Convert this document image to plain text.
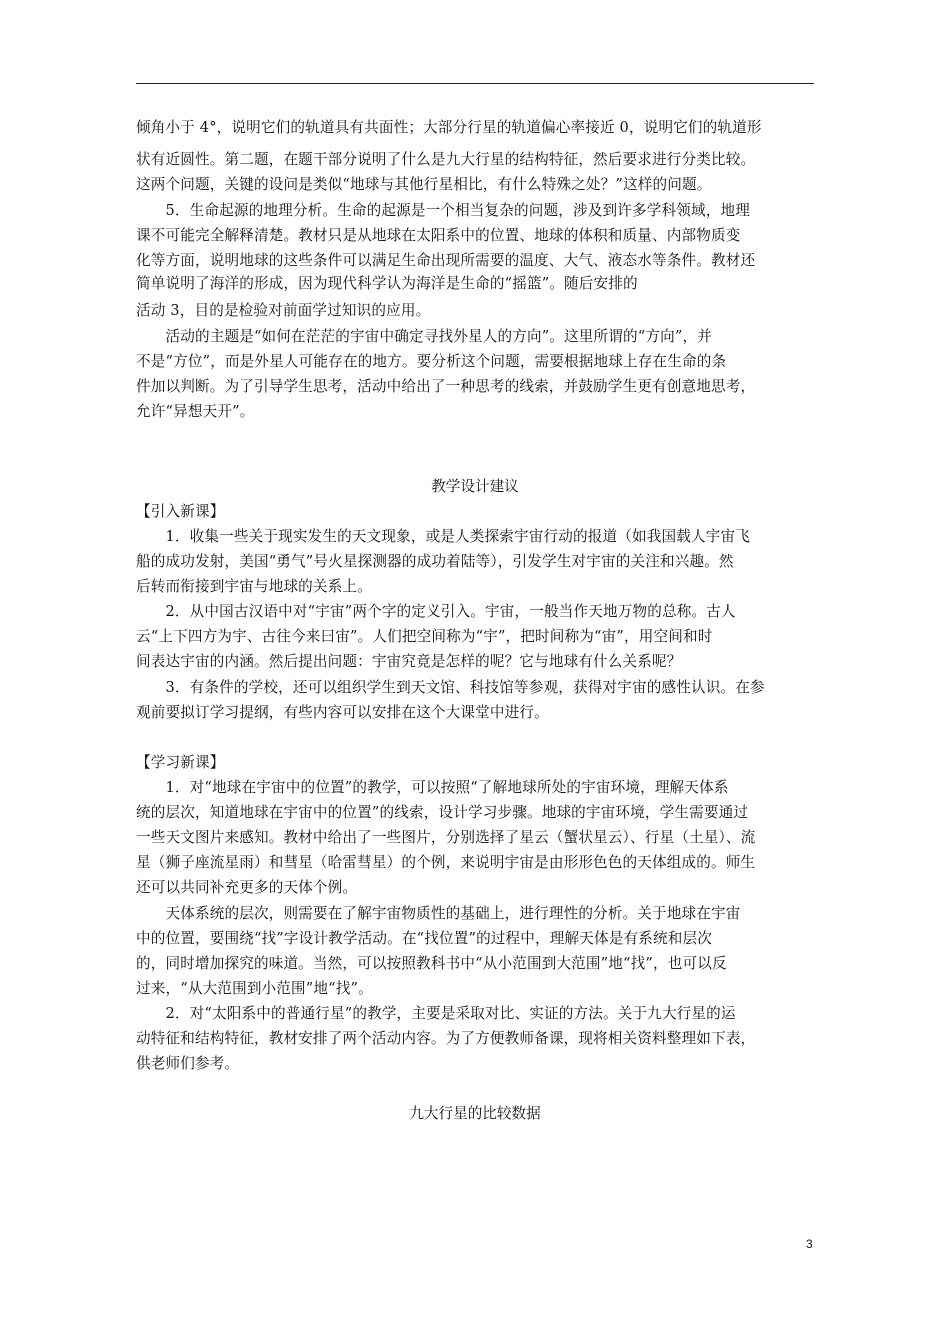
倾角小于 4°，说明它们的轨道具有共面性；大部分行星的轨道偏心率接近 0，说明它们的轨道形
状有近圆性。第二题，在题干部分说明了什么是九大行星的结构特征，然后要求进行分类比较。
这两个问题，关键的设问是类似“地球与其他行星相比，有什么特殊之处？”这样的问题。
　　5．生命起源的地理分析。生命的起源是一个相当复杂的问题，涉及到许多学科领域，地理
课不可能完全解释清楚。教材只是从地球在太阳系中的位置、地球的体积和质量、内部物质变
化等方面，说明地球的这些条件可以满足生命出现所需要的温度、大气、液态水等条件。教材还
简单说明了海洋的形成，因为现代科学认为海洋是生命的“摇篮”。随后安排的
活动 3，目的是检验对前面学过知识的应用。
　　活动的主题是“如何在茫茫的宇宙中确定寻找外星人的方向”。这里所谓的“方向”，并
不是“方位”，而是外星人可能存在的地方。要分析这个问题，需要根据地球上存在生命的条
件加以判断。为了引导学生思考，活动中给出了一种思考的线索，并鼓励学生更有创意地思考，
允许“异想天开”。
教学设计建议
【引入新课】
　　1．收集一些关于现实发生的天文现象，或是人类探索宇宙行动的报道（如我国载人宇宙飞
船的成功发射，美国“勇气”号火星探测器的成功着陆等），引发学生对宇宙的关注和兴趣。然
后转而衔接到宇宙与地球的关系上。
　　2．从中国古汉语中对“宇宙”两个字的定义引入。宇宙，一般当作天地万物的总称。古人
云“上下四方为宇、古往今来曰宙”。人们把空间称为“宇”，把时间称为“宙”，用空间和时
间表达宇宙的内涵。然后提出问题：宇宙究竟是怎样的呢？它与地球有什么关系呢？
　　3．有条件的学校，还可以组织学生到天文馆、科技馆等参观，获得对宇宙的感性认识。在参
观前要拟订学习提纲，有些内容可以安排在这个大课堂中进行。
【学习新课】
　　1．对“地球在宇宙中的位置”的教学，可以按照“了解地球所处的宇宙环境，理解天体系
统的层次，知道地球在宇宙中的位置”的线索，设计学习步骤。地球的宇宙环境，学生需要通过
一些天文图片来感知。教材中给出了一些图片，分别选择了星云（蟹状星云）、行星（土星）、流
星（狮子座流星雨）和彗星（哈雷彗星）的个例，来说明宇宙是由形形色色的天体组成的。师生
还可以共同补充更多的天体个例。
　　天体系统的层次，则需要在了解宇宙物质性的基础上，进行理性的分析。关于地球在宇宙
中的位置，要围绕“找”字设计教学活动。在“找位置”的过程中，理解天体是有系统和层次
的，同时增加探究的味道。当然，可以按照教科书中“从小范围到大范围”地“找”，也可以反
过来，“从大范围到小范围”地“找”。
　　2．对“太阳系中的普通行星”的教学，主要是采取对比、实证的方法。关于九大行星的运
动特征和结构特征，教材安排了两个活动内容。为了方便教师备课，现将相关资料整理如下表，
供老师们参考。
九大行星的比较数据
3
